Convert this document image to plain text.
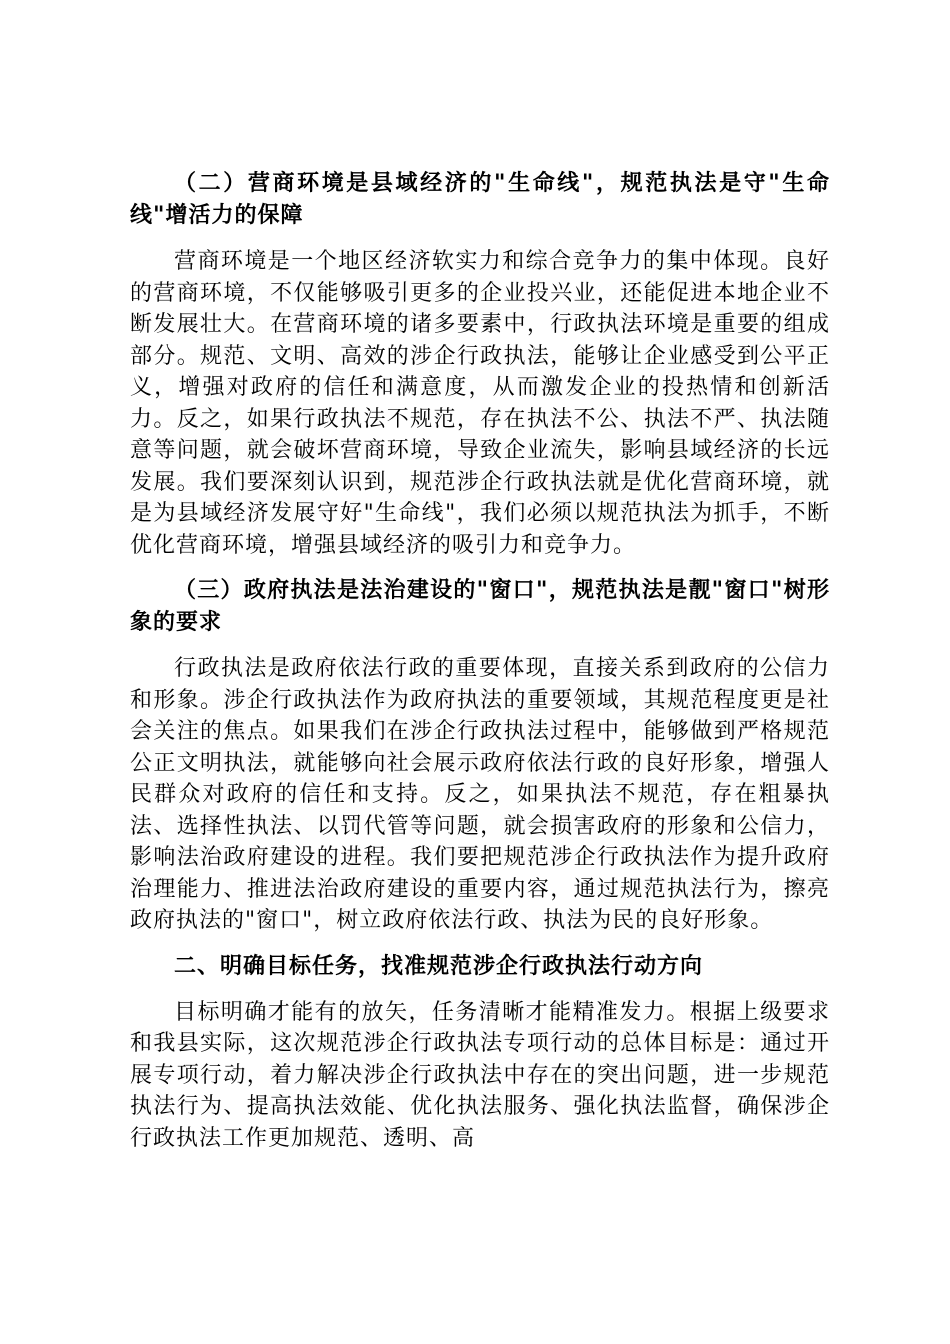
（二）营商环境是县域经济的"生命线"，规范执法是守"生命线"增活力的保障

营商环境是一个地区经济软实力和综合竞争力的集中体现。良好的营商环境，不仅能够吸引更多的企业投兴业，还能促进本地企业不断发展壮大。在营商环境的诸多要素中，行政执法环境是重要的组成部分。规范、文明、高效的涉企行政执法，能够让企业感受到公平正义，增强对政府的信任和满意度，从而激发企业的投热情和创新活力。反之，如果行政执法不规范，存在执法不公、执法不严、执法随意等问题，就会破坏营商环境，导致企业流失，影响县域经济的长远发展。我们要深刻认识到，规范涉企行政执法就是优化营商环境，就是为县域经济发展守好"生命线"，我们必须以规范执法为抓手，不断优化营商环境，增强县域经济的吸引力和竞争力。

（三）政府执法是法治建设的"窗口"，规范执法是靓"窗口"树形象的要求

行政执法是政府依法行政的重要体现，直接关系到政府的公信力和形象。涉企行政执法作为政府执法的重要领域，其规范程度更是社会关注的焦点。如果我们在涉企行政执法过程中，能够做到严格规范公正文明执法，就能够向社会展示政府依法行政的良好形象，增强人民群众对政府的信任和支持。反之，如果执法不规范，存在粗暴执法、选择性执法、以罚代管等问题，就会损害政府的形象和公信力，影响法治政府建设的进程。我们要把规范涉企行政执法作为提升政府治理能力、推进法治政府建设的重要内容，通过规范执法行为，擦亮政府执法的"窗口"，树立政府依法行政、执法为民的良好形象。

二、明确目标任务，找准规范涉企行政执法行动方向

目标明确才能有的放矢，任务清晰才能精准发力。根据上级要求和我县实际，这次规范涉企行政执法专项行动的总体目标是：通过开展专项行动，着力解决涉企行政执法中存在的突出问题，进一步规范执法行为、提高执法效能、优化执法服务、强化执法监督，确保涉企行政执法工作更加规范、透明、高
